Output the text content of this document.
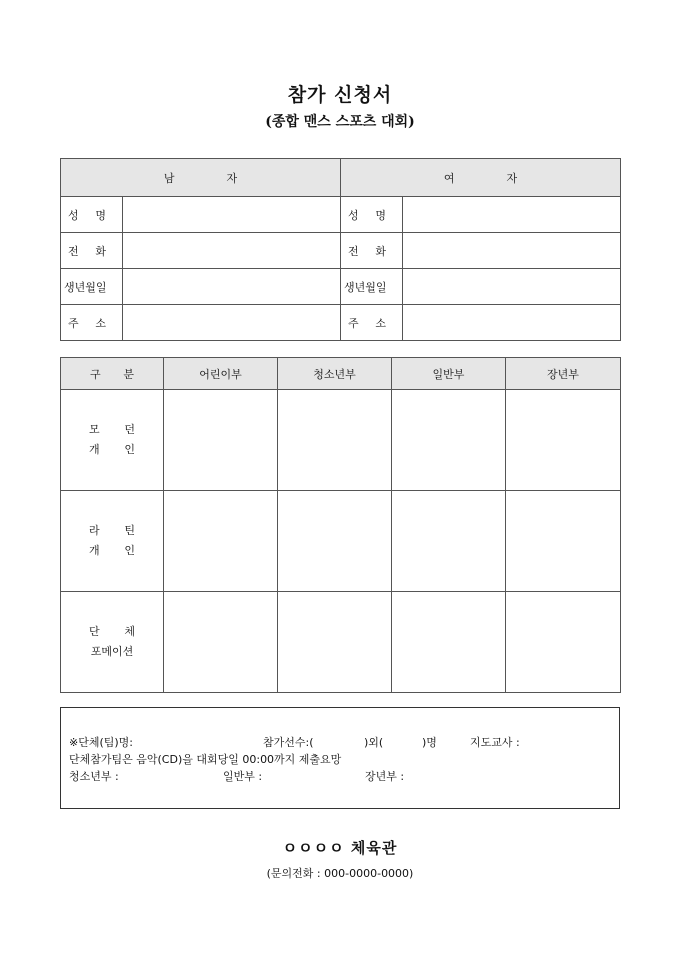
참가 신청서
(종합 맨스 스포츠 대회)
남 자		여 자	

성 명		성 명	

전 화		전 화	

생년월일		생년월일	

주 소		주 소	

구 분	어린이부	청소년부	일반부	장년부

모 던
개 인				

라 틴
개 인				

단 체
포메이션				

※단체(팀)명:	참가선수:(	)외(	)명	지도교사 :
단체참가팀은 음악(CD)을 대회당일 00:00까지 제출요망
청소년부 :	일반부 :	장년부 :
ㅇㅇㅇㅇ 체육관
(문의전화 : 000-0000-0000)
